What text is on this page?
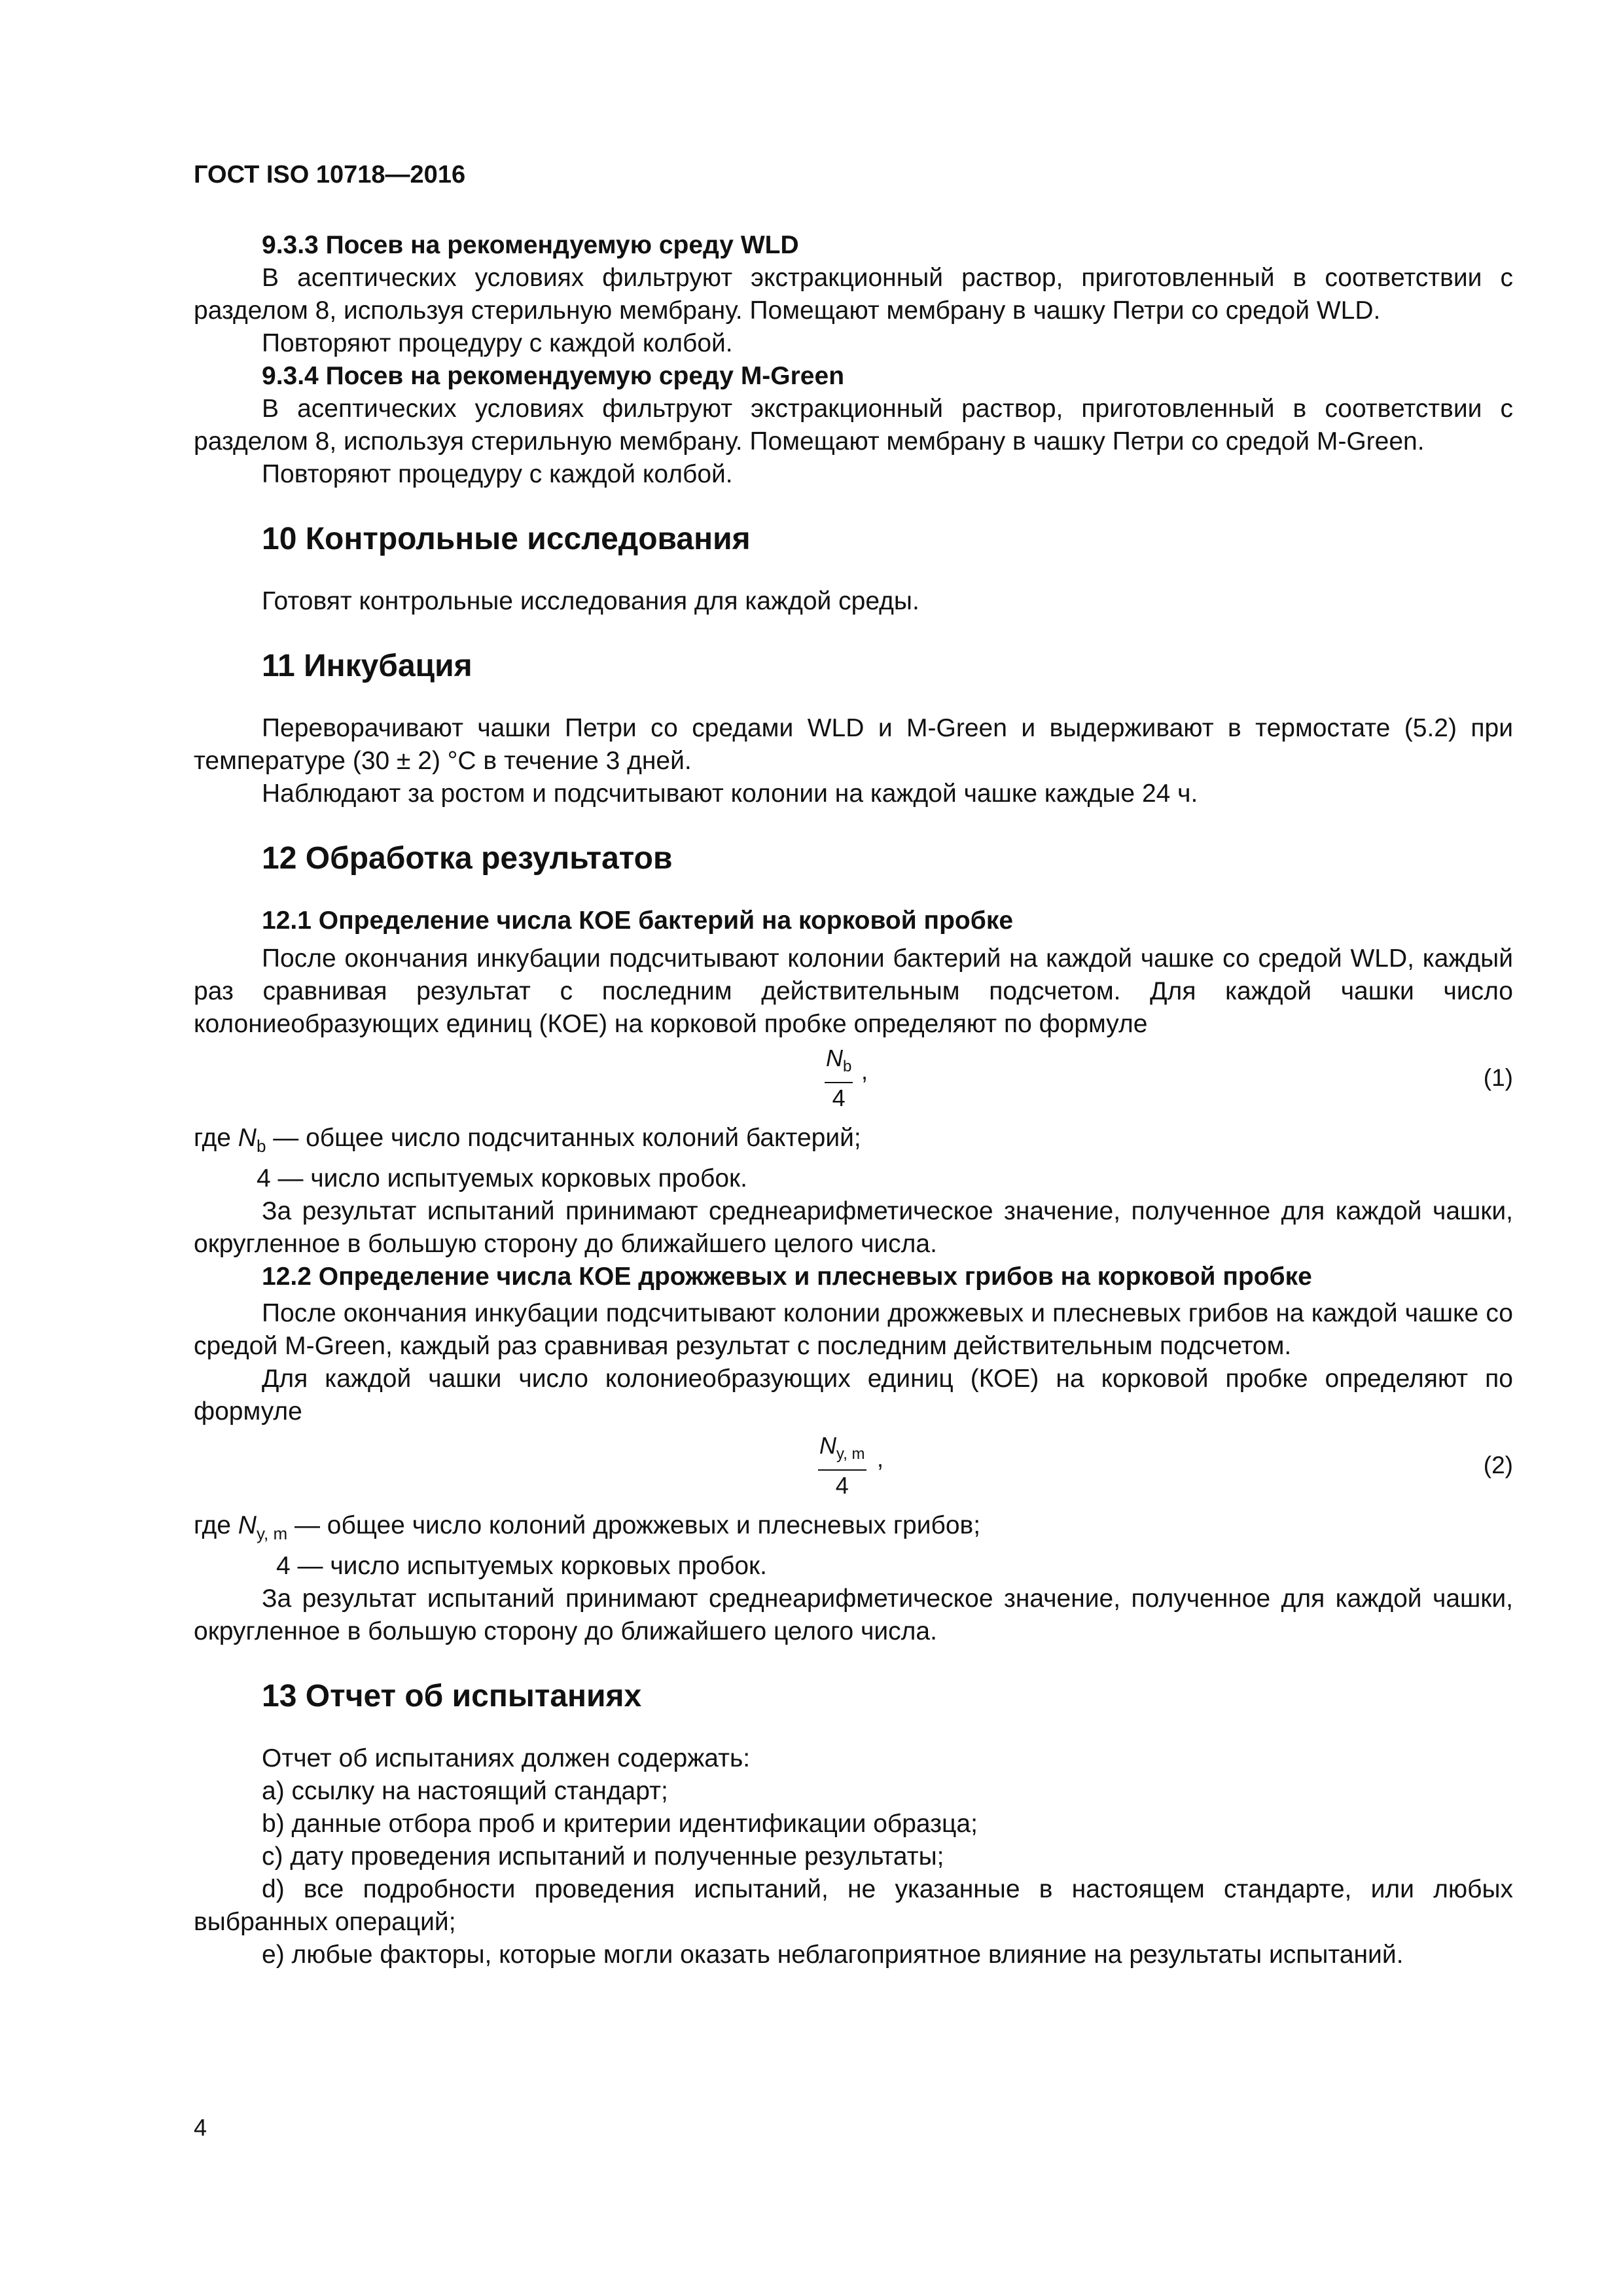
ГОСТ ISO 10718—2016

9.3.3 Посев на рекомендуемую среду WLD

В асептических условиях фильтруют экстракционный раствор, приготовленный в соответствии с разделом 8, используя стерильную мембрану. Помещают мембрану в чашку Петри со средой WLD.

Повторяют процедуру с каждой колбой.

9.3.4 Посев на рекомендуемую среду M-Green

В асептических условиях фильтруют экстракционный раствор, приготовленный в соответствии с разделом 8, используя стерильную мембрану. Помещают мембрану в чашку Петри со средой M-Green.

Повторяют процедуру с каждой колбой.

10 Контрольные исследования

Готовят контрольные исследования для каждой среды.

11 Инкубация

Переворачивают чашки Петри со средами WLD и M-Green и выдерживают в термостате (5.2) при температуре (30 ± 2) °С в течение 3 дней.

Наблюдают за ростом и подсчитывают колонии на каждой чашке каждые 24 ч.

12 Обработка результатов

12.1 Определение числа КОЕ бактерий на корковой пробке

После окончания инкубации подсчитывают колонии бактерий на каждой чашке со средой WLD, каждый раз сравнивая результат с последним действительным подсчетом. Для каждой чашки число колониеобразующих единиц (КОЕ) на корковой пробке определяют по формуле

$N_b$
4
,	(1)

где $N_b$ — общее число подсчитанных колоний бактерий;

4 — число испытуемых корковых пробок.

За результат испытаний принимают среднеарифметическое значение, полученное для каждой чашки, округленное в большую сторону до ближайшего целого числа.

12.2 Определение числа КОЕ дрожжевых и плесневых грибов на корковой пробке

После окончания инкубации подсчитывают колонии дрожжевых и плесневых грибов на каждой чашке со средой M-Green, каждый раз сравнивая результат с последним действительным подсчетом.

Для каждой чашки число колониеобразующих единиц (КОЕ) на корковой пробке определяют по формуле

$N_{y, m}$
4
,	(2)

где $N_{y, m}$ — общее число колоний дрожжевых и плесневых грибов;

4 — число испытуемых корковых пробок.

За результат испытаний принимают среднеарифметическое значение, полученное для каждой чашки, округленное в большую сторону до ближайшего целого числа.

13 Отчет об испытаниях

Отчет об испытаниях должен содержать:

a) ссылку на настоящий стандарт;

b) данные отбора проб и критерии идентификации образца;

c) дату проведения испытаний и полученные результаты;

d) все подробности проведения испытаний, не указанные в настоящем стандарте, или любых выбранных операций;

e) любые факторы, которые могли оказать неблагоприятное влияние на результаты испытаний.

4
